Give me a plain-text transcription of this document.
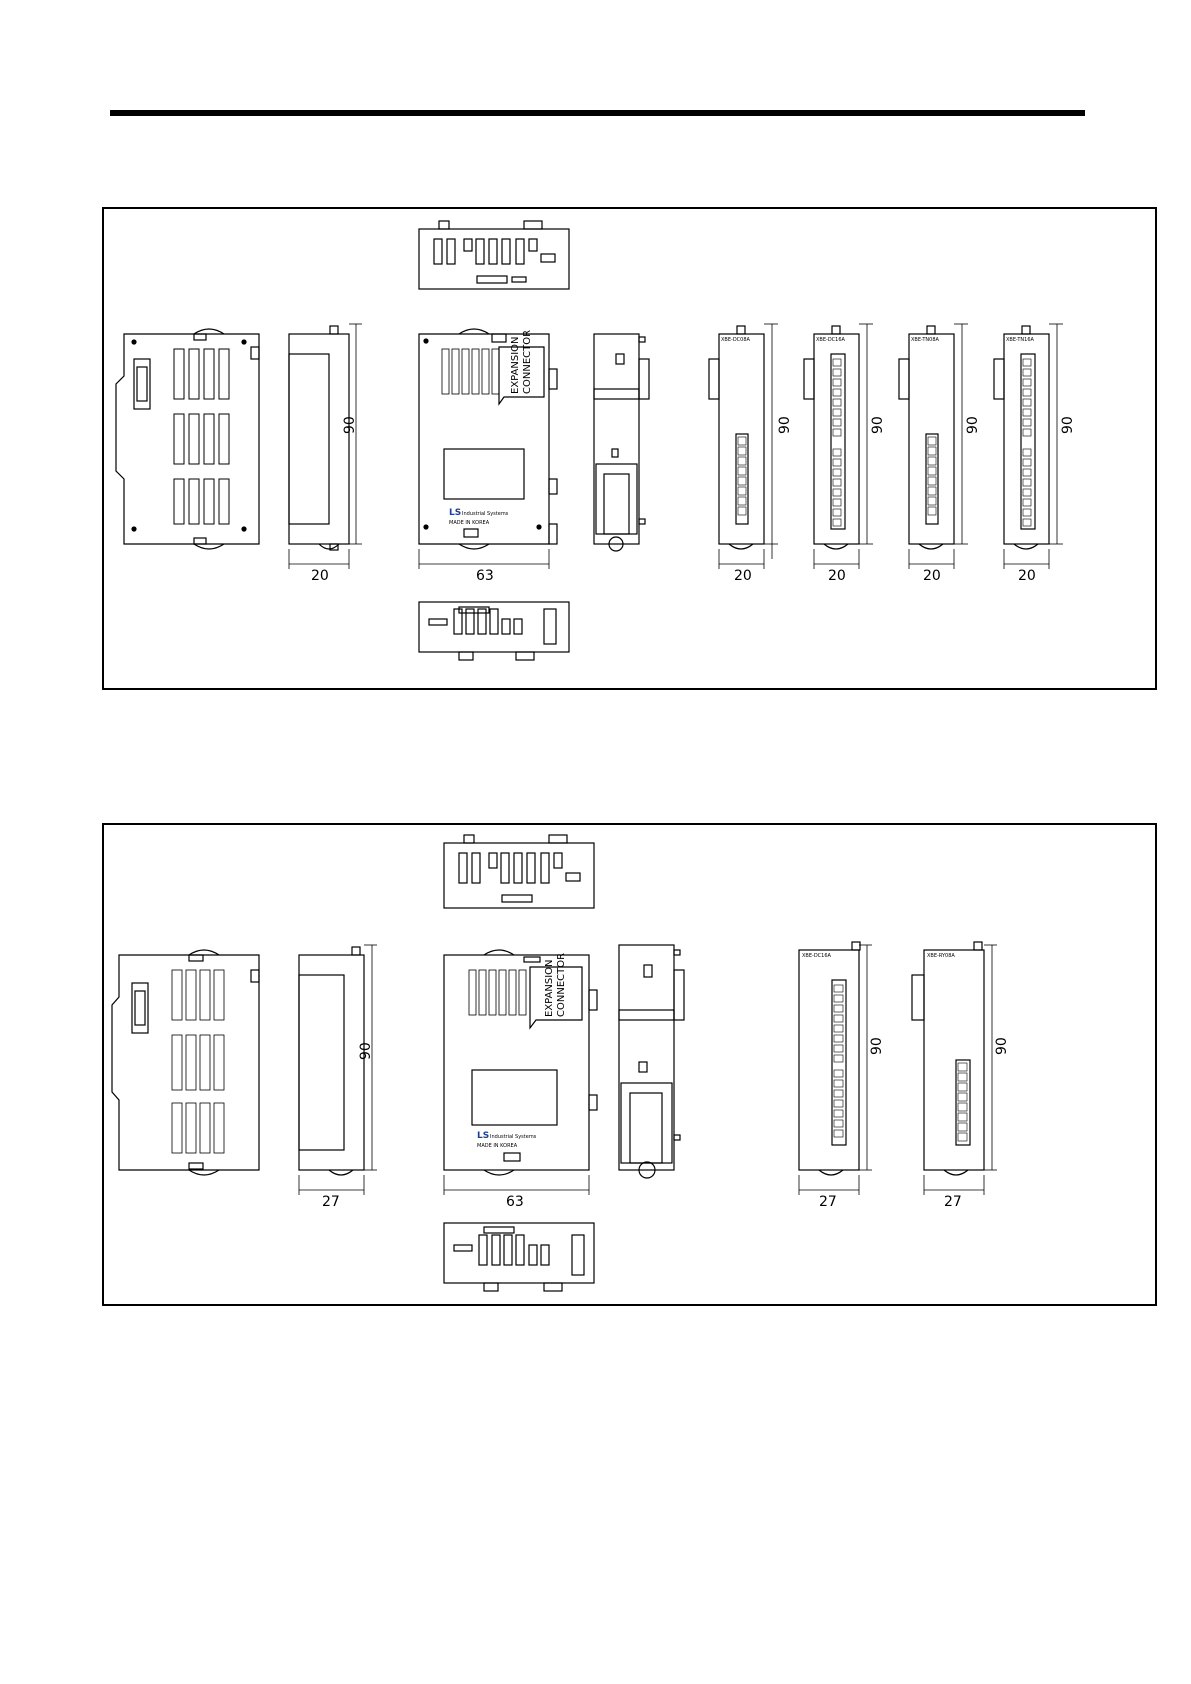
20
90
EXPANSION CONNECTOR
LS Industrial Systems
MADE IN KOREA
63
XBE-DC08A
90
20
XBE-DC16A
90
20
XBE-TN08A
90
20
XBE-TN16A
90
20
27
90
EXPANSION CONNECTOR
LS Industrial Systems
MADE IN KOREA
63
XBE-DC16A
90
27
XBE-RY08A
90
27
